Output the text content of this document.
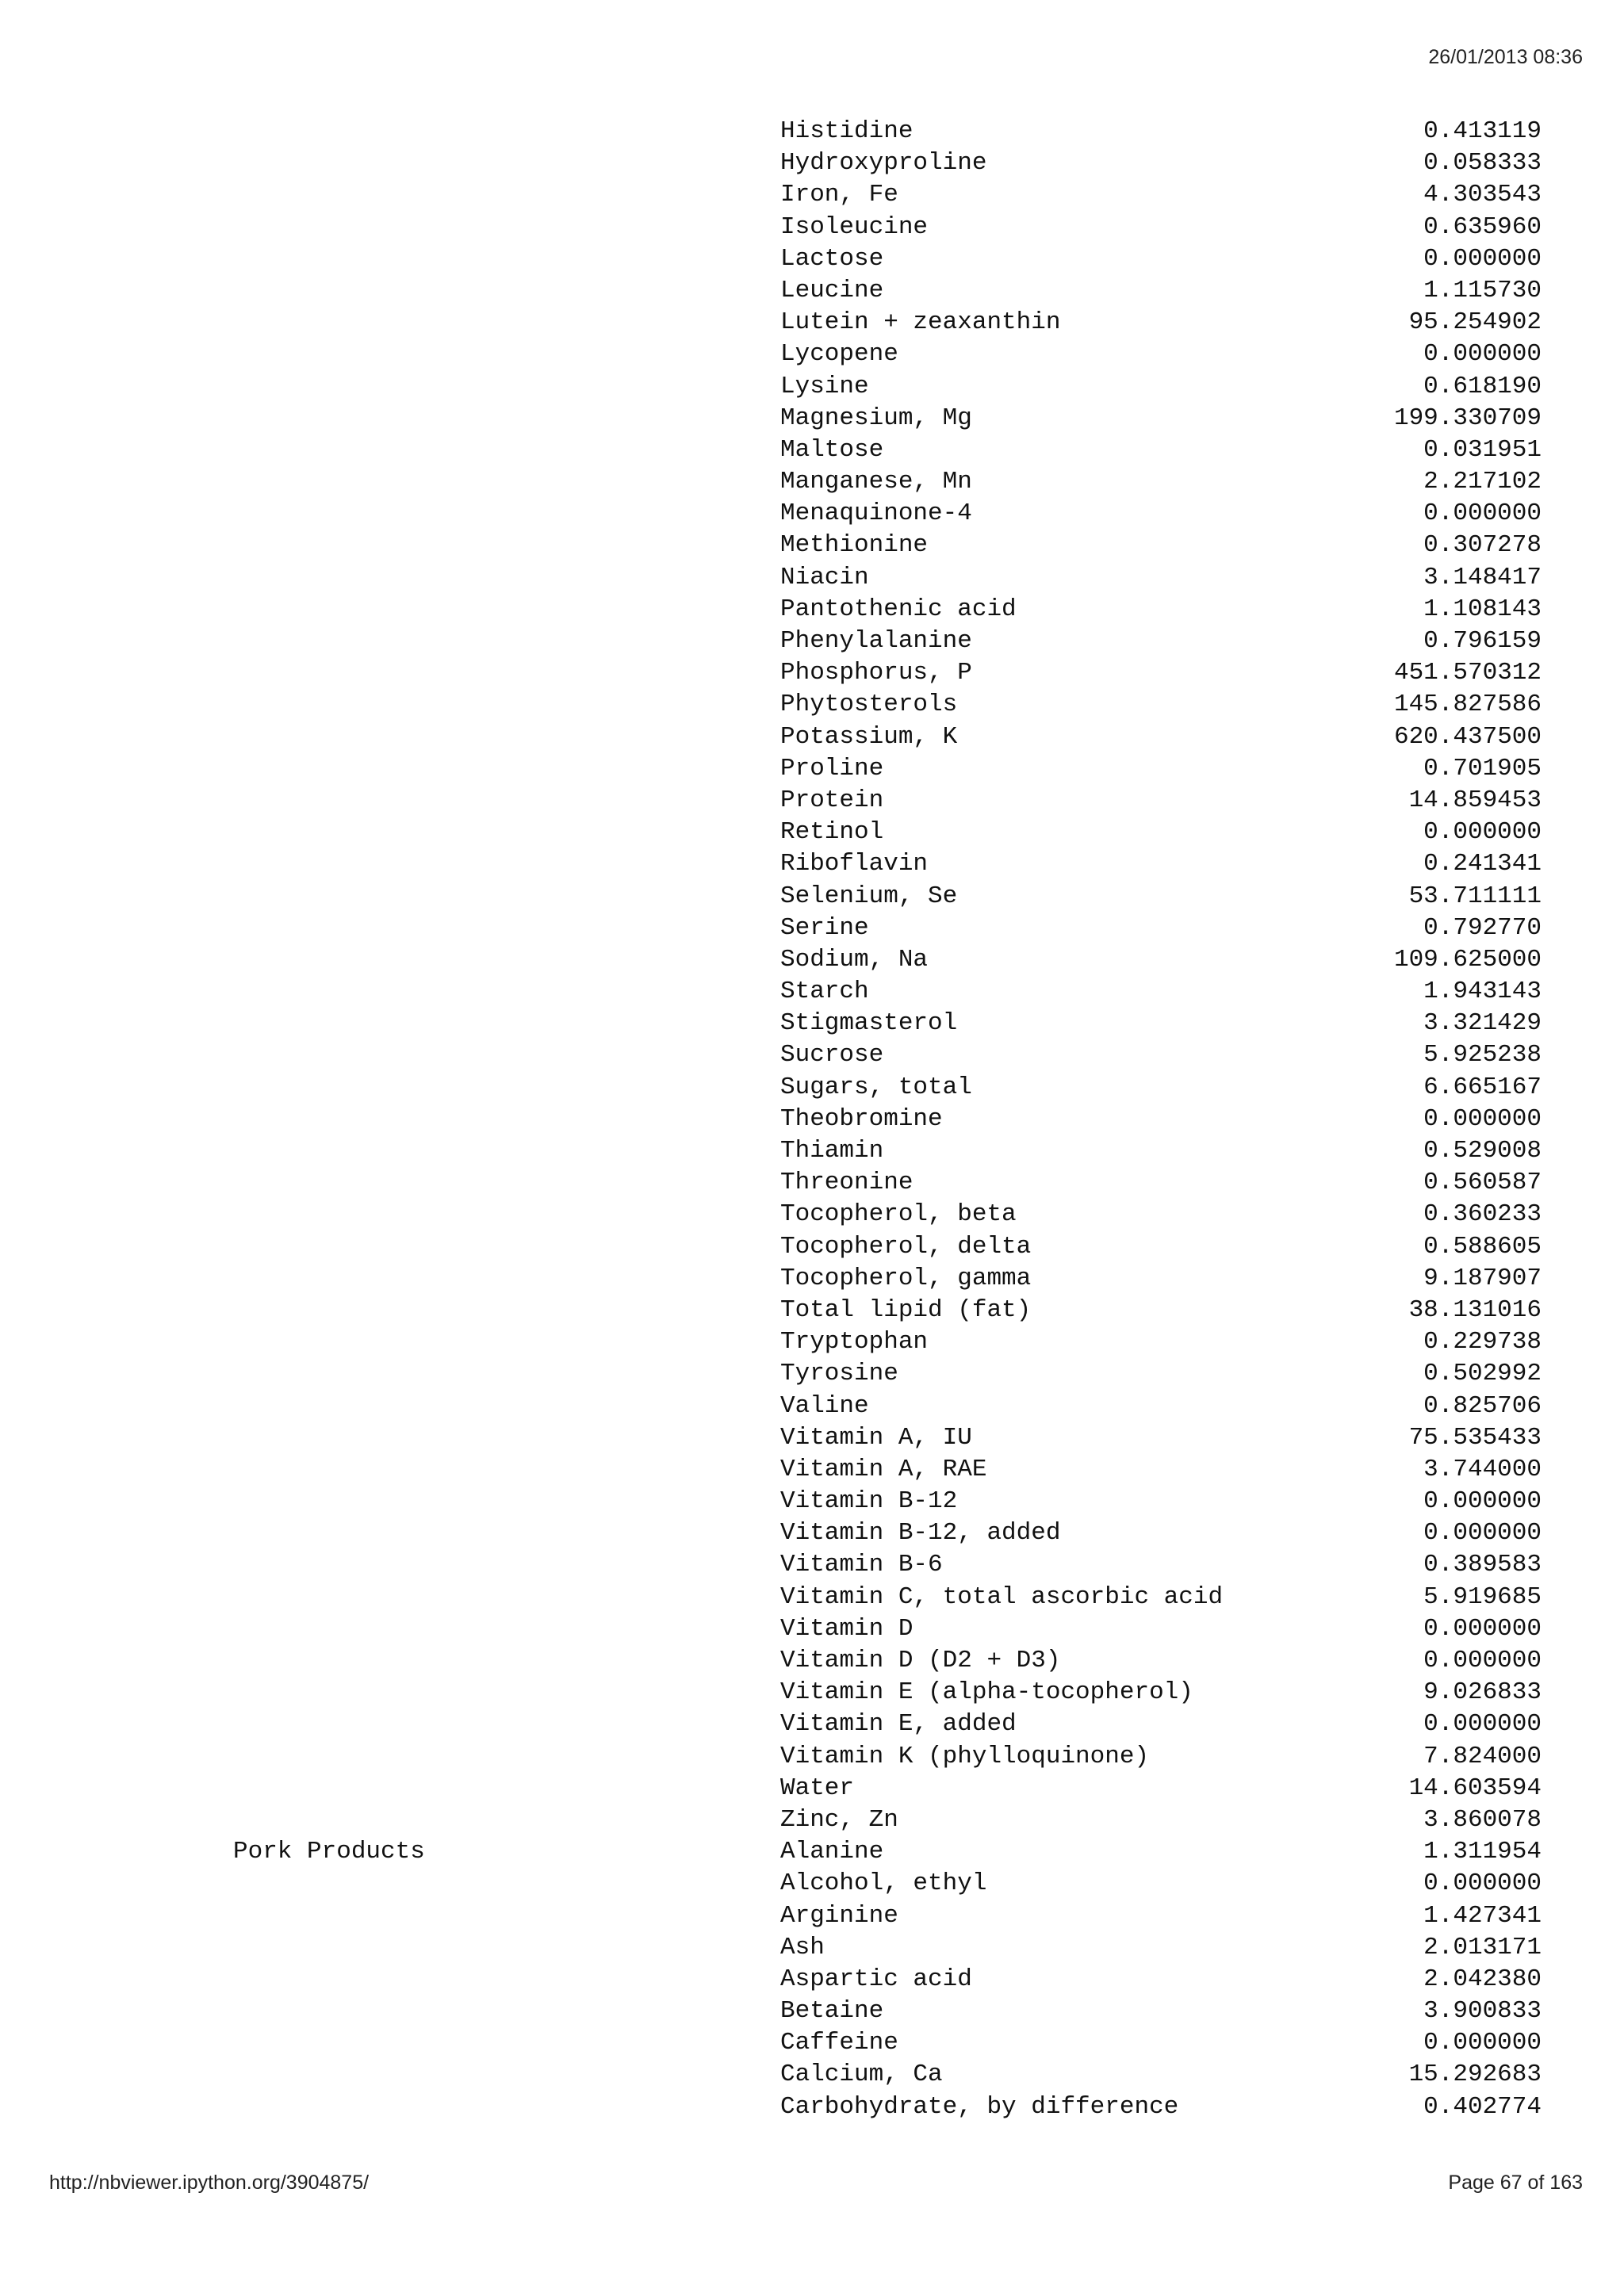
26/01/2013 08:36
Histidine	0.413119
Hydroxyproline	0.058333
Iron, Fe	4.303543
Isoleucine	0.635960
Lactose	0.000000
Leucine	1.115730
Lutein + zeaxanthin	95.254902
Lycopene	0.000000
Lysine	0.618190
Magnesium, Mg	199.330709
Maltose	0.031951
Manganese, Mn	2.217102
Menaquinone-4	0.000000
Methionine	0.307278
Niacin	3.148417
Pantothenic acid	1.108143
Phenylalanine	0.796159
Phosphorus, P	451.570312
Phytosterols	145.827586
Potassium, K	620.437500
Proline	0.701905
Protein	14.859453
Retinol	0.000000
Riboflavin	0.241341
Selenium, Se	53.711111
Serine	0.792770
Sodium, Na	109.625000
Starch	1.943143
Stigmasterol	3.321429
Sucrose	5.925238
Sugars, total	6.665167
Theobromine	0.000000
Thiamin	0.529008
Threonine	0.560587
Tocopherol, beta	0.360233
Tocopherol, delta	0.588605
Tocopherol, gamma	9.187907
Total lipid (fat)	38.131016
Tryptophan	0.229738
Tyrosine	0.502992
Valine	0.825706
Vitamin A, IU	75.535433
Vitamin A, RAE	3.744000
Vitamin B-12	0.000000
Vitamin B-12, added	0.000000
Vitamin B-6	0.389583
Vitamin C, total ascorbic acid	5.919685
Vitamin D	0.000000
Vitamin D (D2 + D3)	0.000000
Vitamin E (alpha-tocopherol)	9.026833
Vitamin E, added	0.000000
Vitamin K (phylloquinone)	7.824000
Water	14.603594
Zinc, Zn	3.860078
Pork Products	Alanine	1.311954
Alcohol, ethyl	0.000000
Arginine	1.427341
Ash	2.013171
Aspartic acid	2.042380
Betaine	3.900833
Caffeine	0.000000
Calcium, Ca	15.292683
Carbohydrate, by difference	0.402774
http://nbviewer.ipython.org/3904875/	Page 67 of 163
